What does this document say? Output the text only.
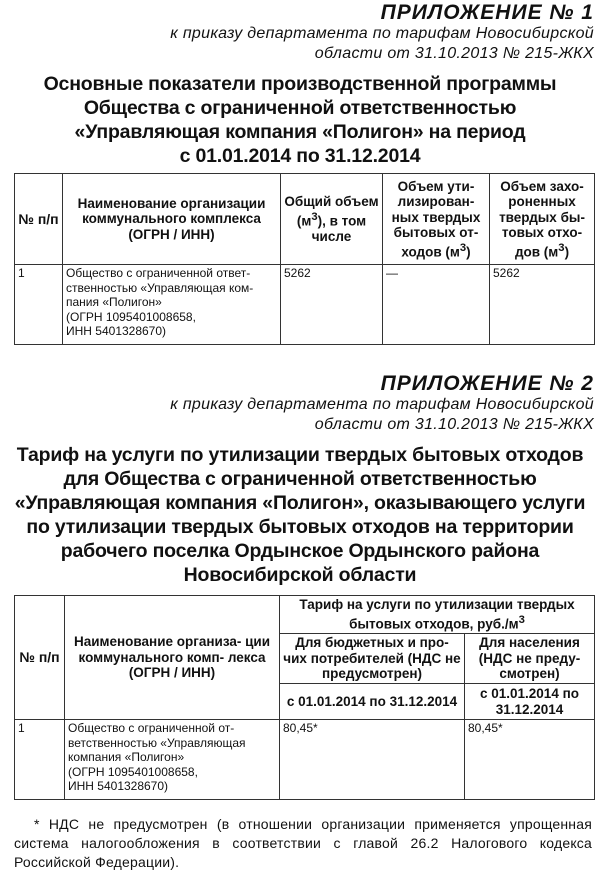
ПРИЛОЖЕНИЕ № 1
к приказу департамента по тарифам Новосибирской
области от 31.10.2013 № 215-ЖКХ
Основные показатели производственной программы
Общества с ограниченной ответственностью
«Управляющая компания «Полигон» на период
с 01.01.2014 по 31.12.2014
№ п/п	Наименование организации коммунального комплекса (ОГРН / ИНН)	Общий объем $(м^3)$, в том числе	Объем ути- лизирован- ных твердых бытовых от- ходов $(м^3)$	Объем захо- роненных твердых бы- товых отхо- дов $(м^3)$
1	Общество с ограниченной ответ-
ственностью «Управляющая ком-
пания «Полигон»
(ОГРН 1095401008658,
ИНН 5401328670)	5262	—	5262
ПРИЛОЖЕНИЕ № 2
к приказу департамента по тарифам Новосибирской
области от 31.10.2013 № 215-ЖКХ
Тариф на услуги по утилизации твердых бытовых отходов
для Общества с ограниченной ответственностью
«Управляющая компания «Полигон», оказывающего услуги
по утилизации твердых бытовых отходов на территории
рабочего поселка Ордынское Ордынского района
Новосибирской области
№ п/п	Наименование организа- ции коммунального комп- лекса (ОГРН / ИНН)	Тариф на услуги по утилизации твердых бытовых отходов, $руб./м^3$
		Для бюджетных и про- чих потребителей (НДС не предусмотрен)	Для населения (НДС не преду- смотрен)
		с 01.01.2014 по 31.12.2014	с 01.01.2014 по 31.12.2014
1	Общество с ограниченной от-
ветственностью «Управляющая
компания «Полигон»
(ОГРН 1095401008658,
ИНН 5401328670)	80,45*	80,45*
* НДС не предусмотрен (в отношении организации применяется упрощенная система налогообложения в соответствии с главой 26.2 Налогового кодекса Российской Федерации).
